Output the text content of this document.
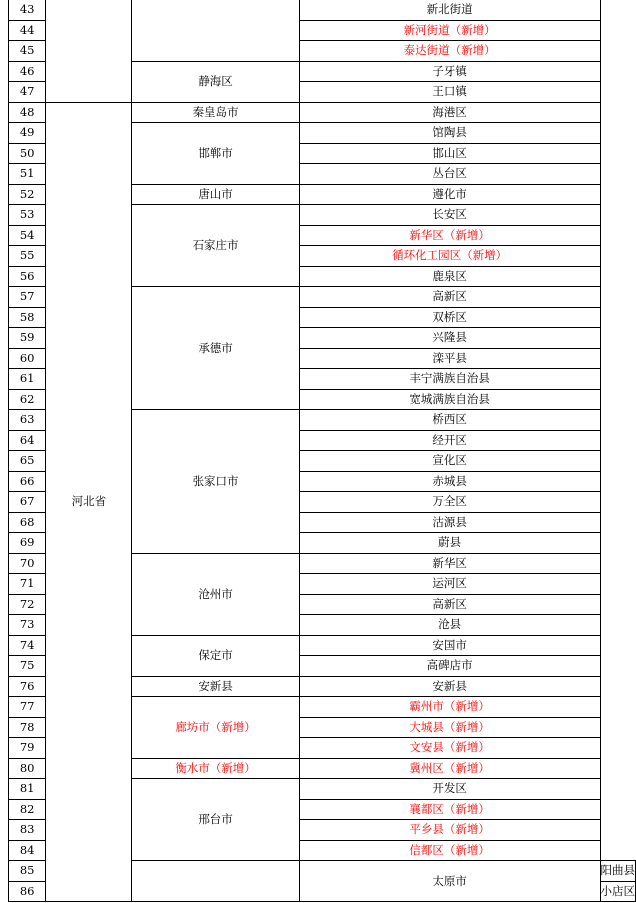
43			新北街道	
44			新河街道（新增）	
45			泰达街道（新增）	
46		静海区	子牙镇	
47			王口镇	
48	河北省	秦皇岛市	海港区	
49		邯郸市	馆陶县	
50			邯山区	
51			丛台区	
52		唐山市	遵化市	
53		石家庄市	长安区	
54			新华区（新增）	
55			循环化工园区（新增）	
56			鹿泉区	
57		承德市	高新区	
58			双桥区	
59			兴隆县	
60			滦平县	
61			丰宁满族自治县	
62			宽城满族自治县	
63		张家口市	桥西区	
64			经开区	
65			宣化区	
66			赤城县	
67			万全区	
68			沽源县	
69			蔚县	
70		沧州市	新华区	
71			运河区	
72			高新区	
73			沧县	
74		保定市	安国市	
75			高碑店市	
76		安新县	安新县	
77		廊坊市（新增）	霸州市（新增）	
78			大城县（新增）	
79			文安县（新增）	
80		衡水市（新增）	冀州区（新增）	
81		邢台市	开发区	
82			襄都区（新增）	
83			平乡县（新增）	
84			信都区（新增）	
85			太原市	阳曲县
86				小店区
